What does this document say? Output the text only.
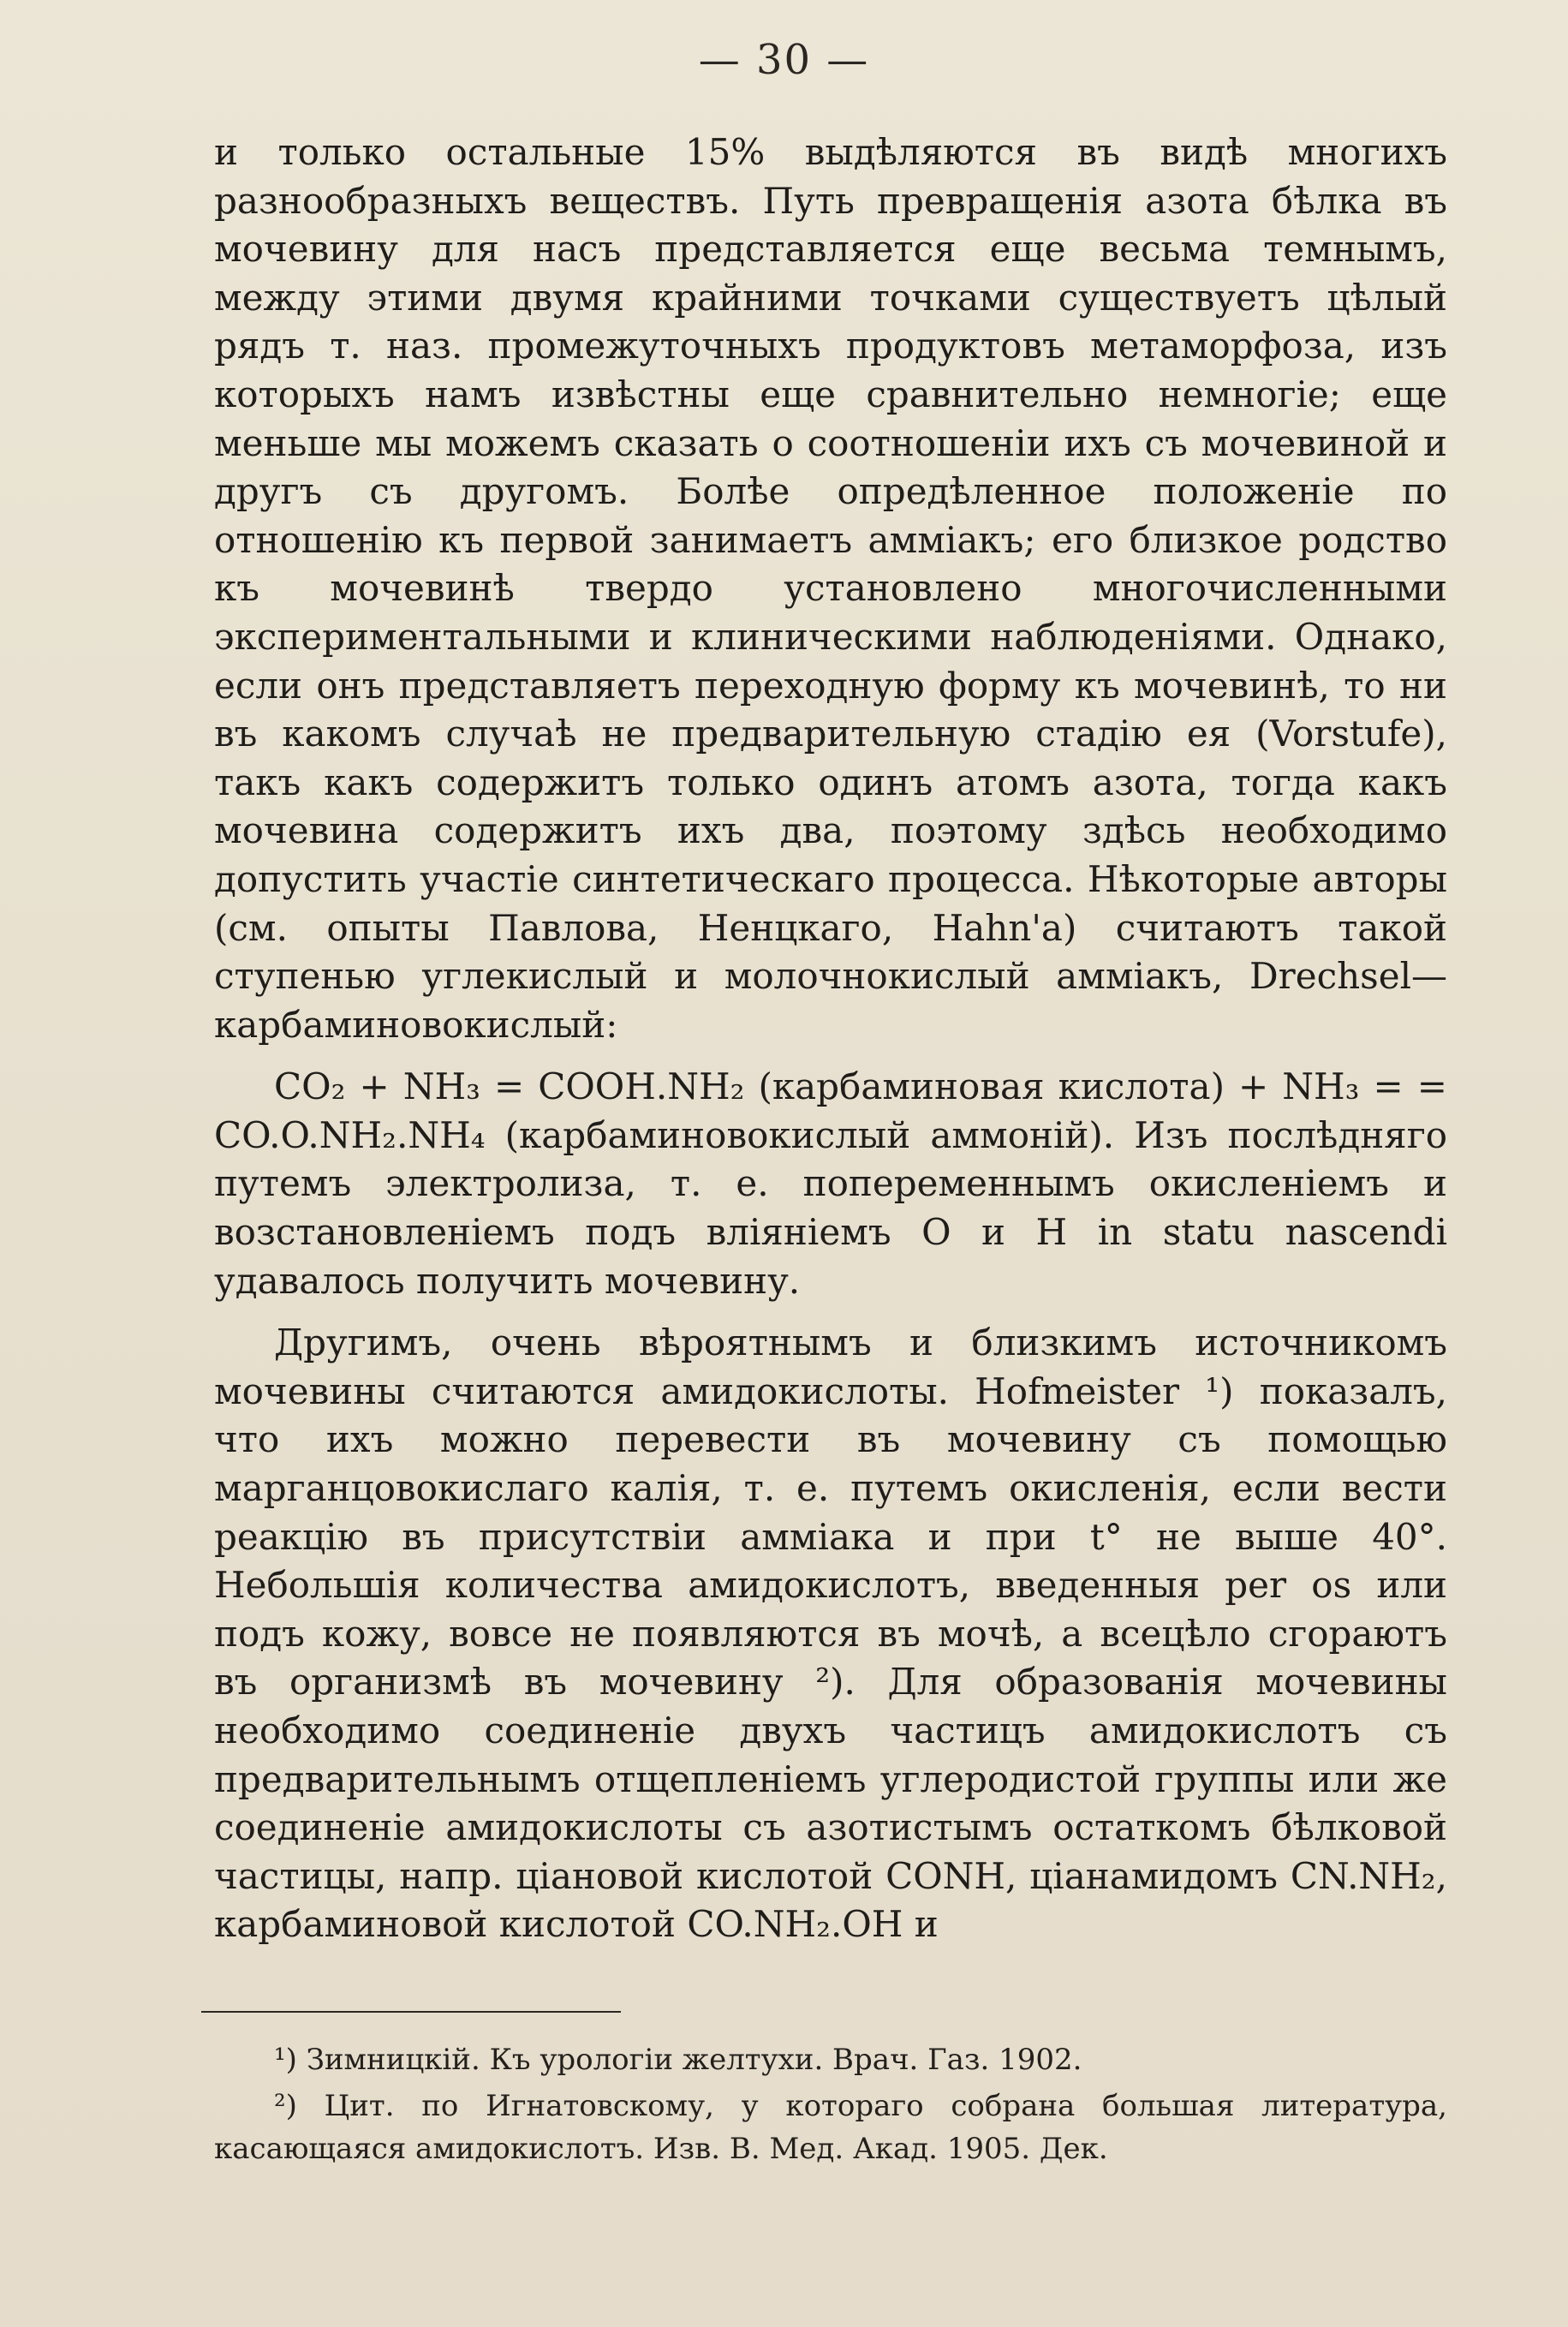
— 30 —

и только остальные 15% выдѣляются въ видѣ многихъ разнообразныхъ веществъ. Путь превращенія азота бѣлка въ мочевину для насъ представляется еще весьма темнымъ, между этими двумя крайними точками существуетъ цѣлый рядъ т. наз. промежуточныхъ продуктовъ метаморфоза, изъ которыхъ намъ извѣстны еще сравнительно немногіе; еще меньше мы можемъ сказать о соотношеніи ихъ съ мочевиной и другъ съ другомъ. Болѣе опредѣленное положеніе по отношенію къ первой занимаетъ аммiакъ; его близкое родство къ мочевинѣ твердо установлено многочисленными экспериментальными и клиническими наблюденіями. Однако, если онъ представляетъ переходную форму къ мочевинѣ, то ни въ какомъ случаѣ не предварительную стадію ея (Vorstufe), такъ какъ содержитъ только одинъ атомъ азота, тогда какъ мочевина содержитъ ихъ два, поэтому здѣсь необходимо допустить участіе синтетическаго процесса. Нѣкоторые авторы (см. опыты Павлова, Ненцкаго, Hahn'a) считаютъ такой ступенью углекислый и молочнокислый аммiакъ, Drechsel—карбаминовокислый:

CO₂ + NH₃ = COOH.NH₂ (карбаминовая кислота) + NH₃ = = CO.O.NH₂.NH₄ (карбаминовокислый аммоній). Изъ послѣдняго путемъ электролиза, т. е. попеременнымъ окисленіемъ и возстановленіемъ подъ вліяніемъ O и H in statu nascendi удавалось получить мочевину.

Другимъ, очень вѣроятнымъ и близкимъ источникомъ мочевины считаются амидокислоты. Hofmeister ¹) показалъ, что ихъ можно перевести въ мочевину съ помощью марганцовокислаго калія, т. е. путемъ окисленія, если вести реакцію въ присутствіи аммiака и при t° не выше 40°. Небольшія количества амидокислотъ, введенныя per os или подъ кожу, вовсе не появляются въ мочѣ, а всецѣло сгораютъ въ организмѣ въ мочевину ²). Для образованія мочевины необходимо соединеніе двухъ частицъ амидокислотъ съ предварительнымъ отщепленіемъ углеродистой группы или же соединеніе амидокислоты съ азотистымъ остаткомъ бѣлковой частицы, напр. ціановой кислотой CONH, ціанамидомъ CN.NH₂, карбаминовой кислотой CO.NH₂.OH и

¹) Зимницкій. Къ урологіи желтухи. Врач. Газ. 1902.

²) Цит. по Игнатовскому, у котораго собрана большая литература, касающаяся амидокислотъ. Изв. В. Мед. Акад. 1905. Дек.
